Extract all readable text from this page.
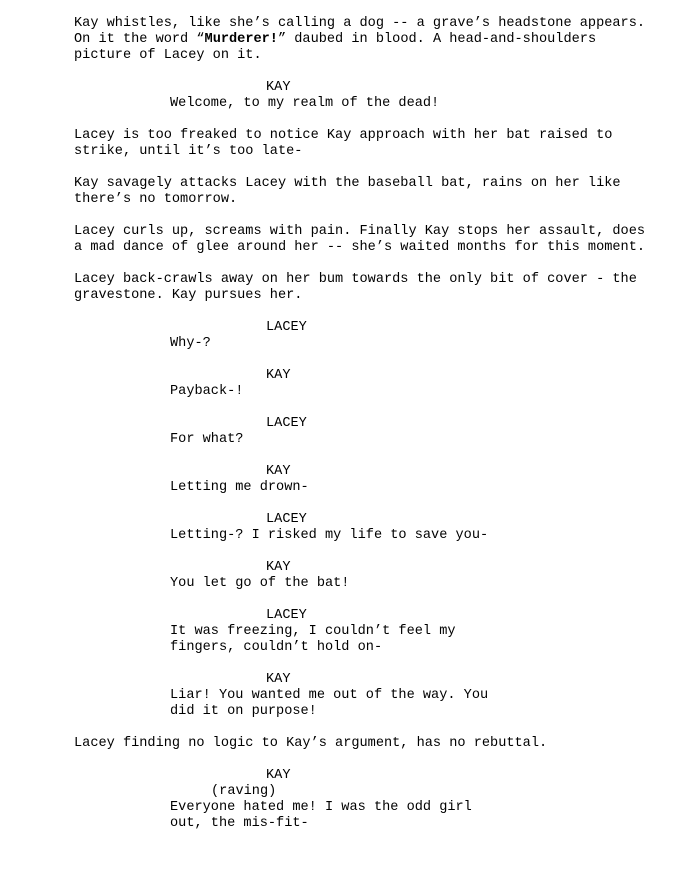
Kay whistles, like she’s calling a dog -- a grave’s headstone appears. On it the word “Murderer!” daubed in blood. A head-and-shoulders picture of Lacey on it.

KAY

Welcome, to my realm of the dead!

Lacey is too freaked to notice Kay approach with her bat raised to strike, until it’s too late-

Kay savagely attacks Lacey with the baseball bat, rains on her like there’s no tomorrow.

Lacey curls up, screams with pain. Finally Kay stops her assault, does a mad dance of glee around her -- she’s waited months for this moment.

Lacey back-crawls away on her bum towards the only bit of cover - the gravestone. Kay pursues her.

LACEY

Why-?

KAY

Payback-!

LACEY

For what?

KAY

Letting me drown-

LACEY

Letting-? I risked my life to save you-

KAY

You let go of the bat!

LACEY

It was freezing, I couldn’t feel my fingers, couldn’t hold on-

KAY

Liar! You wanted me out of the way. You did it on purpose!

Lacey finding no logic to Kay’s argument, has no rebuttal.

KAY

(raving)

Everyone hated me! I was the odd girl out, the mis-fit-
